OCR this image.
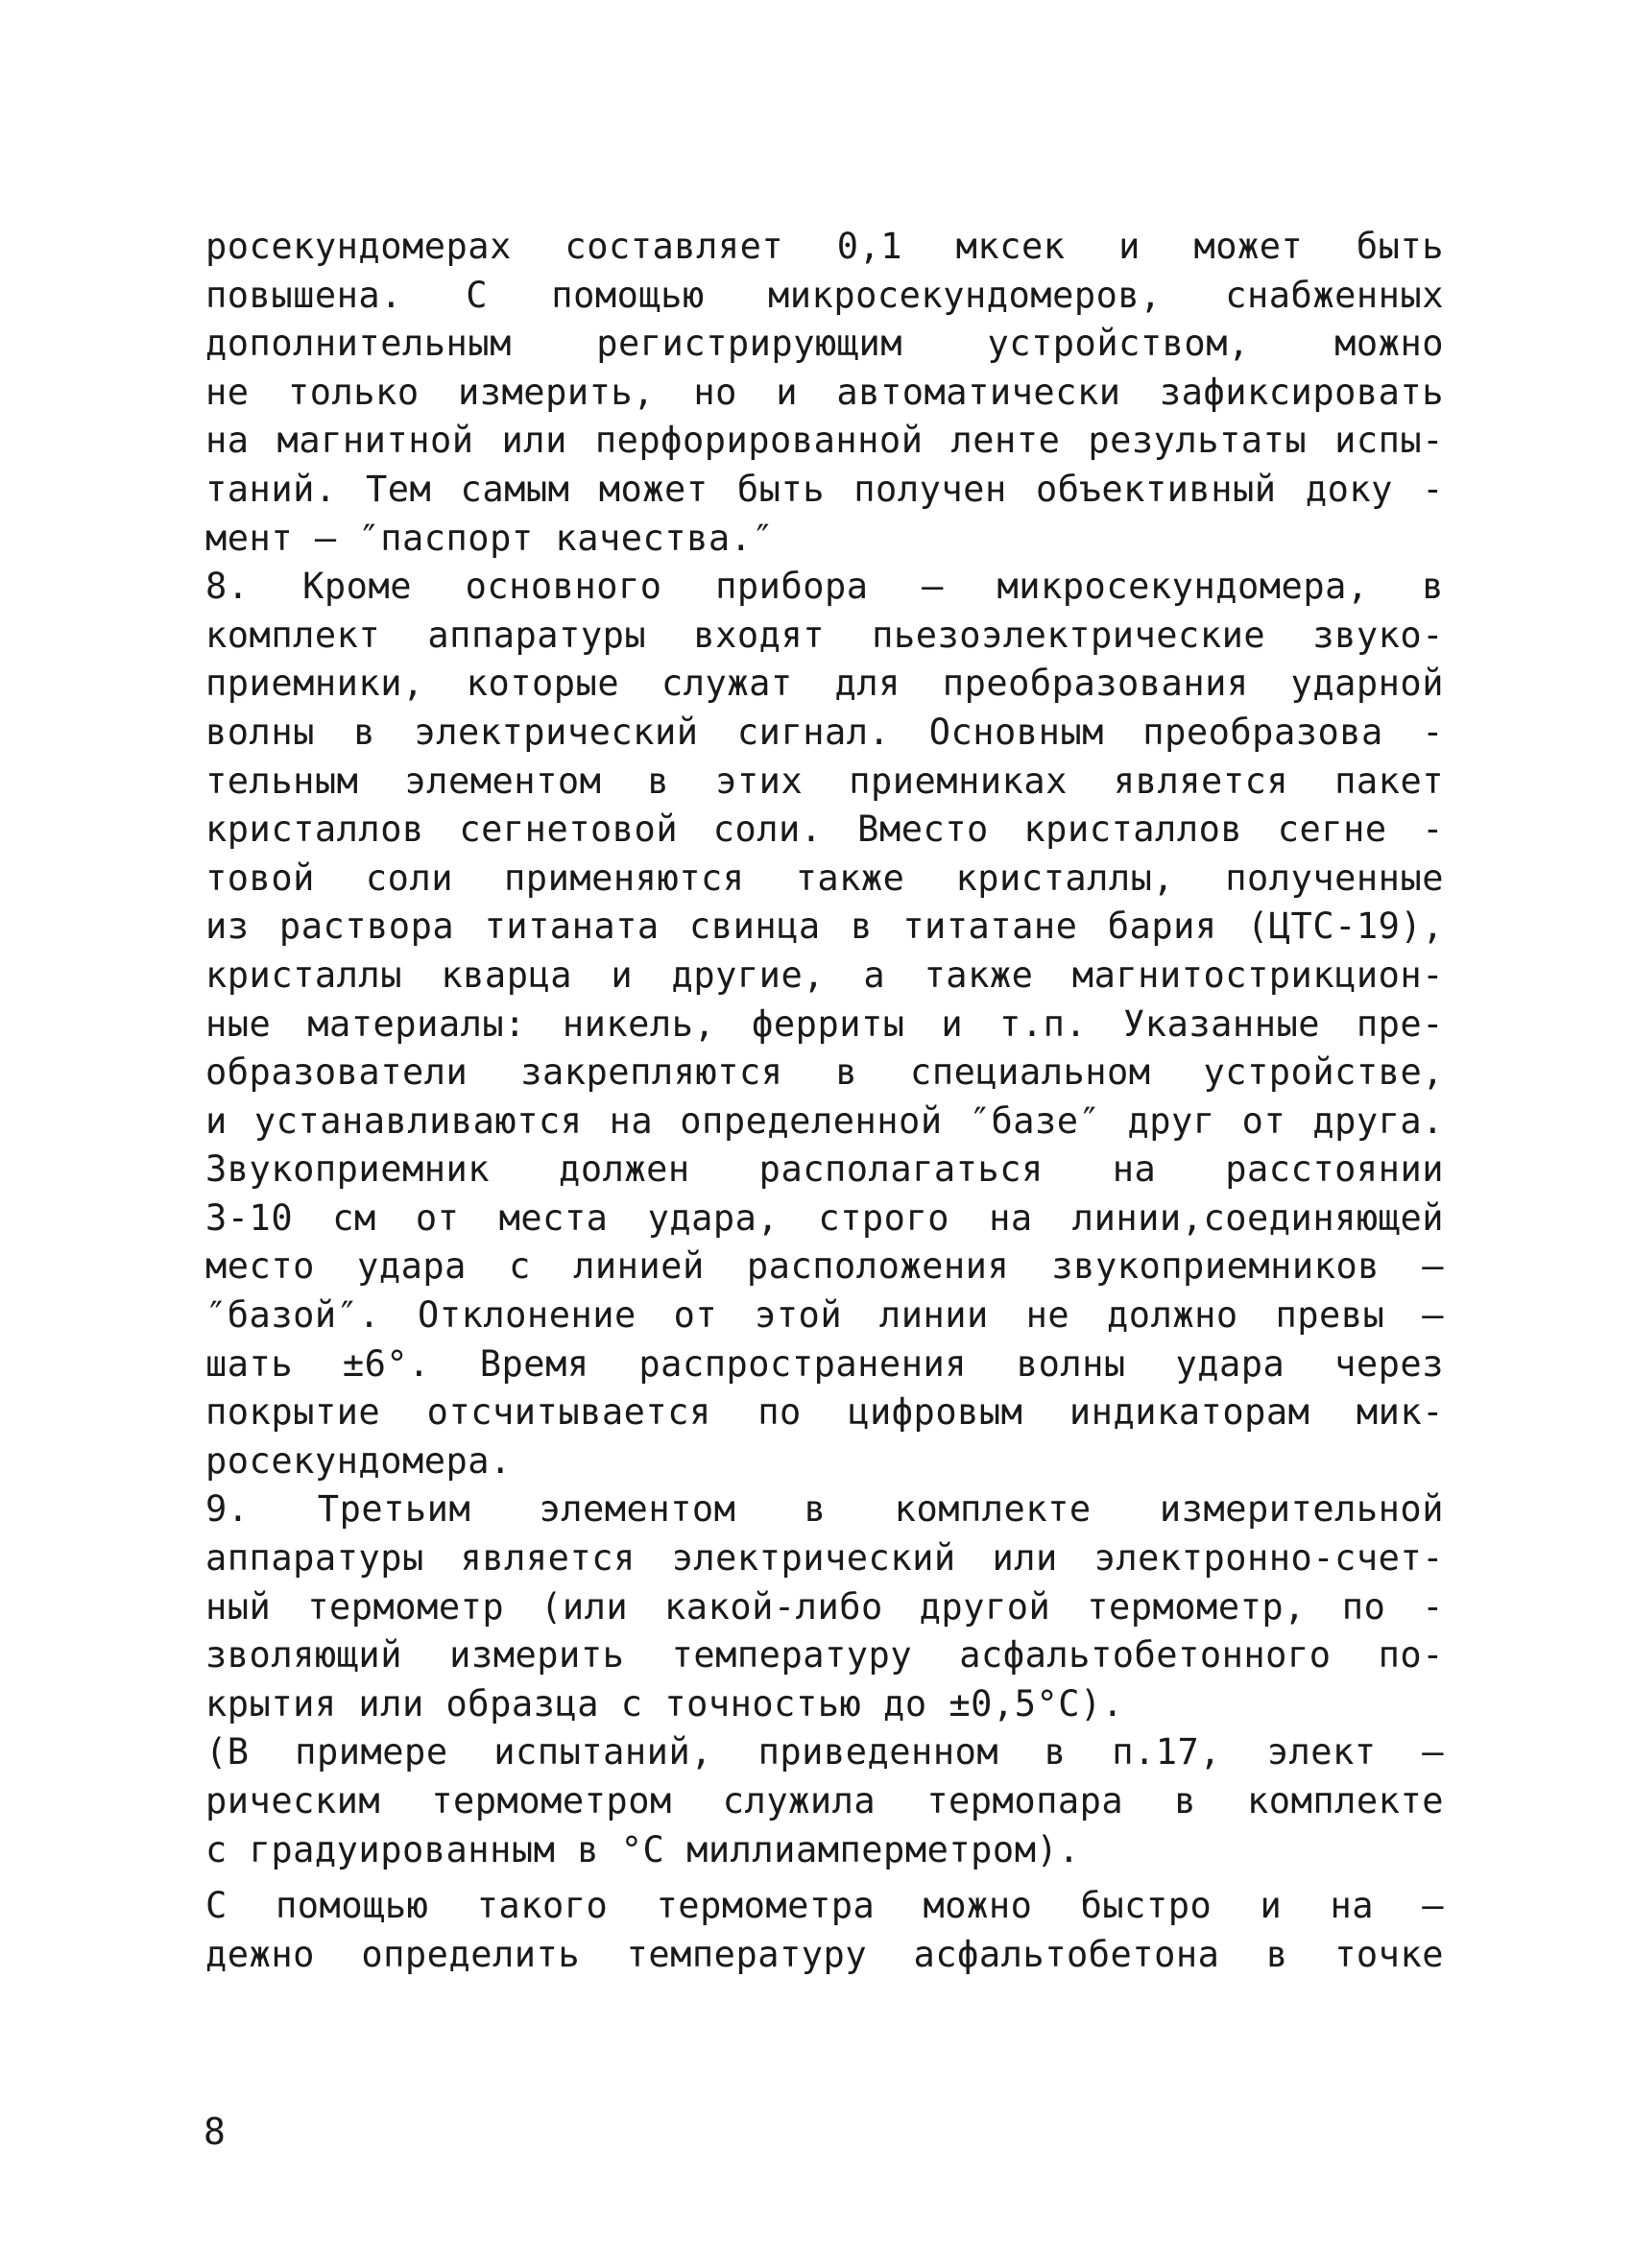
росекундомерах составляет 0,1 мксек и может быть
повышена. С помощью микросекундомеров, снабженных
дополнительным регистрирующим устройством, можно
не только измерить, но и автоматически зафиксировать
на магнитной или перфорированной ленте результаты испы-
таний. Тем самым может быть получен объективный доку -
мент – ″паспорт качества.″
8. Кроме основного прибора – микросекундомера, в
комплект аппаратуры входят пьезоэлектрические звуко-
приемники, которые служат для преобразования ударной
волны в электрический сигнал. Основным преобразова -
тельным элементом в этих приемниках является пакет
кристаллов сегнетовой соли. Вместо кристаллов сегне -
товой соли применяются также кристаллы, полученные
из раствора титаната свинца в титатане бария (ЦТС-19),
кристаллы кварца и другие, а также магнитострикцион-
ные материалы: никель, ферриты и т.п. Указанные пре-
образователи закрепляются в специальном устройстве,
и устанавливаются на определенной ″базе″ друг от друга.
Звукоприемник должен располагаться на расстоянии
3-10 см от места удара, строго на линии,соединяющей
место удара с линией расположения звукоприемников –
″базой″. Отклонение от этой линии не должно превы –
шать ±6°. Время распространения волны удара через
покрытие отсчитывается по цифровым индикаторам мик-
росекундомера.
9. Третьим элементом в комплекте измерительной
аппаратуры является электрический или электронно-счет-
ный термометр (или какой-либо другой термометр, по -
зволяющий измерить температуру асфальтобетонного по-
крытия или образца с точностью до ±0,5°С).
(В примере испытаний, приведенном в п.17, элект –
рическим термометром служила термопара в комплекте
с градуированным в °С миллиамперметром).
С помощью такого термометра можно быстро и на –
дежно определить температуру асфальтобетона в точке
8
